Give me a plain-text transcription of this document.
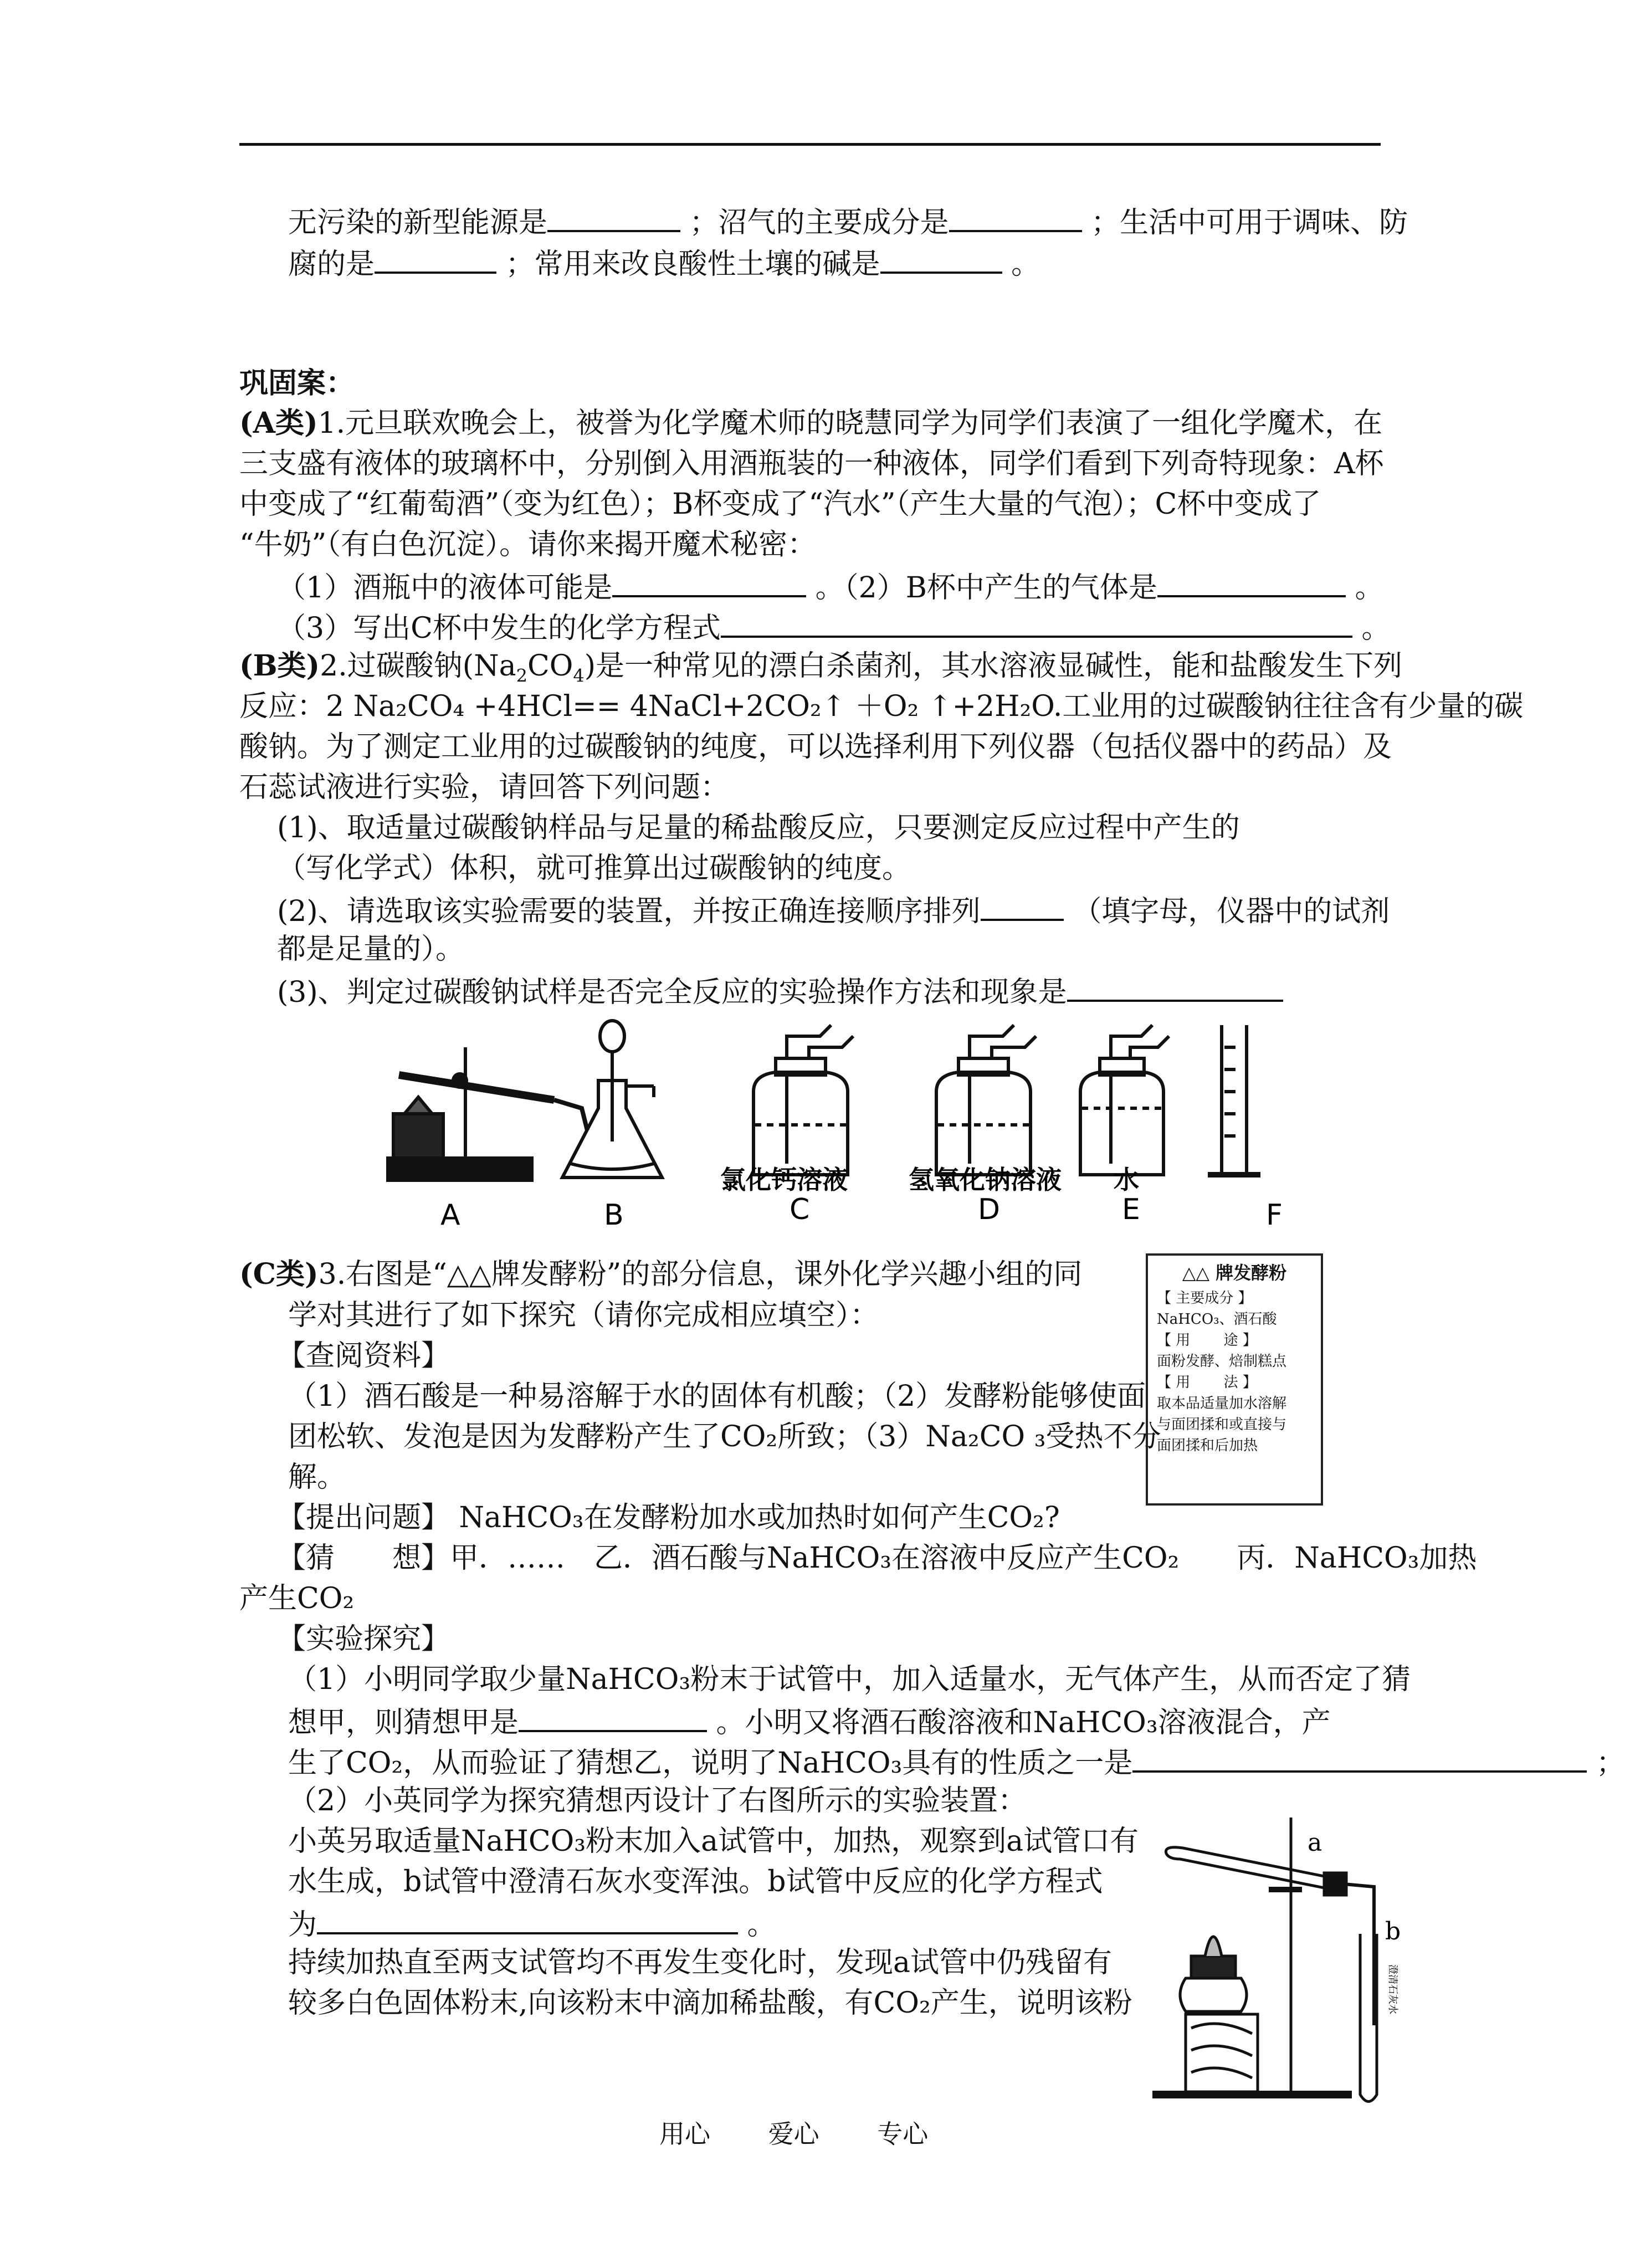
无污染的新型能源是	；沼气的主要成分是	；生活中可用于调味、防
腐的是	；常用来改良酸性土壤的碱是	。
巩固案：
(A类)1.元旦联欢晚会上，被誉为化学魔术师的晓慧同学为同学们表演了一组化学魔术，在
三支盛有液体的玻璃杯中，分别倒入用酒瓶装的一种液体，同学们看到下列奇特现象：A杯
中变成了“红葡萄酒”（变为红色）；B杯变成了“汽水”（产生大量的气泡）；C杯中变成了
“牛奶”（有白色沉淀）。请你来揭开魔术秘密：
（1）酒瓶中的液体可能是	。（2）B杯中产生的气体是	。
（3）写出C杯中发生的化学方程式	。
(B类)2.过碳酸钠$(Na_2CO_4)$是一种常见的漂白杀菌剂，其水溶液显碱性，能和盐酸发生下列
反应：2 Na₂CO₄ +4HCl== 4NaCl+2CO₂↑ ＋O₂ ↑+2H₂O.工业用的过碳酸钠往往含有少量的碳
酸钠。为了测定工业用的过碳酸钠的纯度，可以选择利用下列仪器（包括仪器中的药品）及
石蕊试液进行实验，请回答下列问题：
(1)、取适量过碳酸钠样品与足量的稀盐酸反应，只要测定反应过程中产生的
（写化学式）体积，就可推算出过碳酸钠的纯度。
(2)、请选取该实验需要的装置，并按正确连接顺序排列	（填字母，仪器中的试剂
都是足量的）。
(3)、判定过碳酸钠试样是否完全反应的实验操作方法和现象是
氯化钙溶液 氢氧化钠溶液 水
A	B	C	D	E	F
(C类)3.右图是“△△牌发酵粉”的部分信息，课外化学兴趣小组的同
学对其进行了如下探究（请你完成相应填空）：
【查阅资料】
（1）酒石酸是一种易溶解于水的固体有机酸；（2）发酵粉能够使面
团松软、发泡是因为发酵粉产生了CO₂所致；（3）Na₂CO ₃受热不分
解。
【提出问题】 NaHCO₃在发酵粉加水或加热时如何产生CO₂?
【猜　　想】甲．……　乙．酒石酸与NaHCO₃在溶液中反应产生CO₂　　丙．NaHCO₃加热
产生CO₂
【实验探究】
（1）小明同学取少量NaHCO₃粉末于试管中，加入适量水，无气体产生，从而否定了猜
想甲，则猜想甲是	。小明又将酒石酸溶液和NaHCO₃溶液混合，产
生了CO₂，从而验证了猜想乙，说明了NaHCO₃具有的性质之一是	；
（2）小英同学为探究猜想丙设计了右图所示的实验装置：
小英另取适量NaHCO₃粉末加入a试管中，加热，观察到a试管口有
水生成，b试管中澄清石灰水变浑浊。b试管中反应的化学方程式
为	。
持续加热直至两支试管均不再发生变化时，发现a试管中仍残留有
较多白色固体粉末,向该粉末中滴加稀盐酸，有CO₂产生，说明该粉
△△ 牌发酵粉
【 主要成分 】
NaHCO₃、酒石酸
【 用　　 途 】
面粉发酵、焙制糕点
【 用　　 法 】
取本品适量加水溶解
与面团揉和或直接与
面团揉和后加热
a
b
澄清石灰水
用心 爱心 专心
